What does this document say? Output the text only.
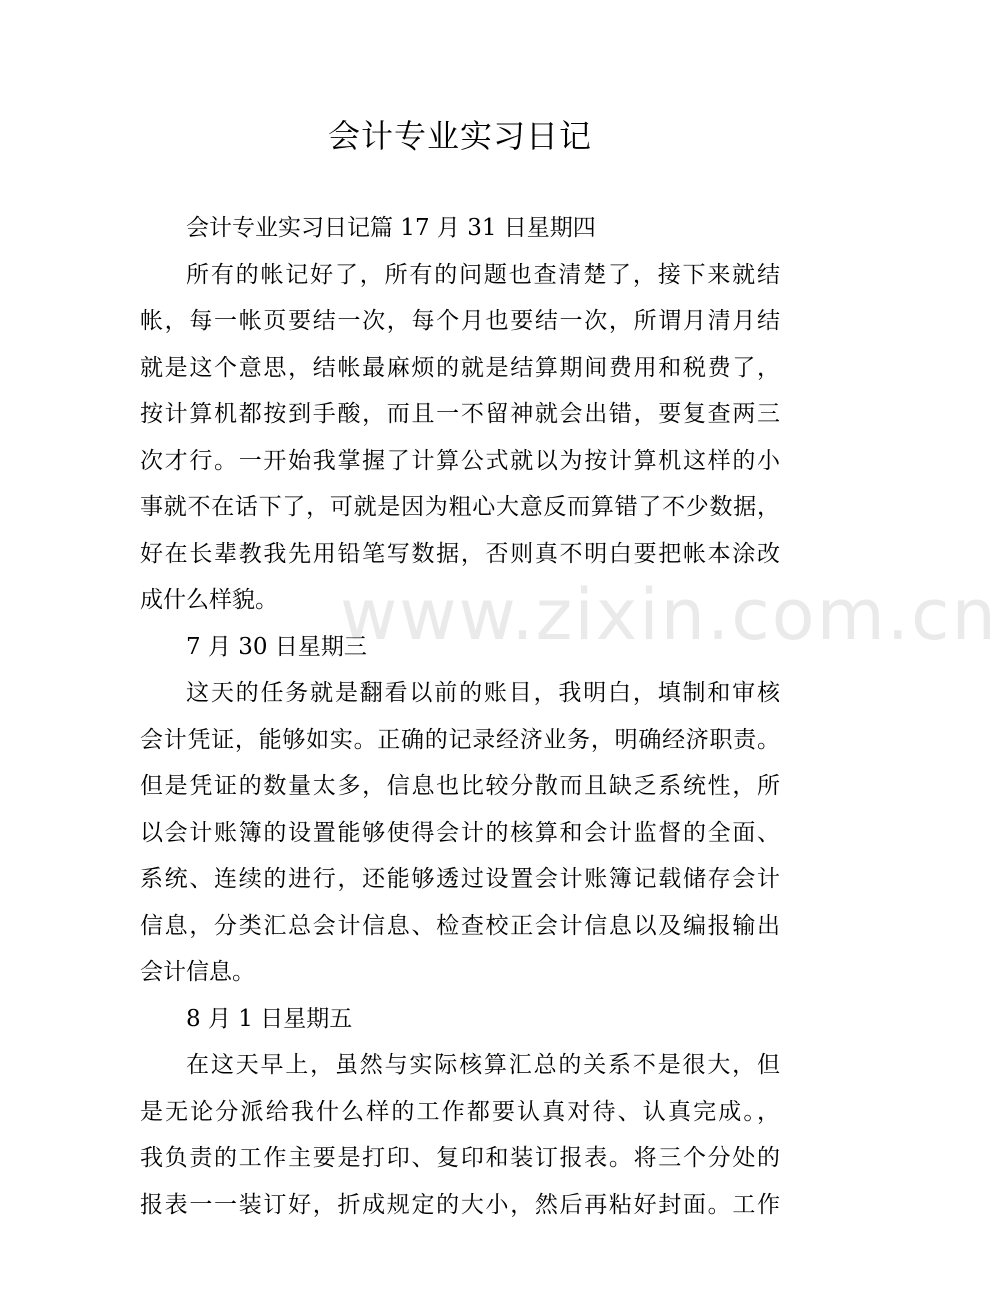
会计专业实习日记
www.zixin.com.cn
会计专业实习日记篇 17 月 31 日星期四
所有的帐记好了，所有的问题也查清楚了，接下来就结
帐，每一帐页要结一次，每个月也要结一次，所谓月清月结
就是这个意思，结帐最麻烦的就是结算期间费用和税费了，
按计算机都按到手酸，而且一不留神就会出错，要复查两三
次才行。一开始我掌握了计算公式就以为按计算机这样的小
事就不在话下了，可就是因为粗心大意反而算错了不少数据，
好在长辈教我先用铅笔写数据，否则真不明白要把帐本涂改
成什么样貌。
7 月 30 日星期三
这天的任务就是翻看以前的账目，我明白，填制和审核
会计凭证，能够如实。正确的记录经济业务，明确经济职责。
但是凭证的数量太多，信息也比较分散而且缺乏系统性，所
以会计账簿的设置能够使得会计的核算和会计监督的全面、
系统、连续的进行，还能够透过设置会计账簿记载储存会计
信息，分类汇总会计信息、检查校正会计信息以及编报输出
会计信息。
8 月 1 日星期五
在这天早上，虽然与实际核算汇总的关系不是很大，但
是无论分派给我什么样的工作都要认真对待、认真完成。，
我负责的工作主要是打印、复印和装订报表。将三个分处的
报表一一装订好，折成规定的大小，然后再粘好封面。工作
